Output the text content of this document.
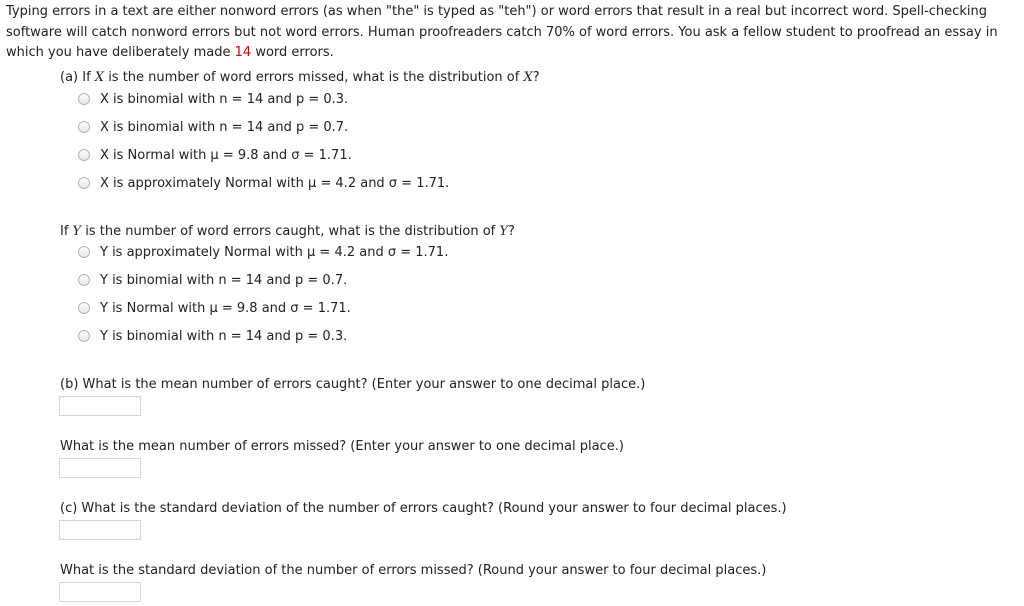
Typing errors in a text are either nonword errors (as when "the" is typed as "teh") or word errors that result in a real but incorrect word. Spell-checking software will catch nonword errors but not word errors. Human proofreaders catch 70% of word errors. You ask a fellow student to proofread an essay in which you have deliberately made 14 word errors.

(a) If X is the number of word errors missed, what is the distribution of X?

X is binomial with n = 14 and p = 0.3.
X is binomial with n = 14 and p = 0.7.
X is Normal with μ = 9.8 and σ = 1.71.
X is approximately Normal with μ = 4.2 and σ = 1.71.

If Y is the number of word errors caught, what is the distribution of Y?

Y is approximately Normal with μ = 4.2 and σ = 1.71.
Y is binomial with n = 14 and p = 0.7.
Y is Normal with μ = 9.8 and σ = 1.71.
Y is binomial with n = 14 and p = 0.3.

(b) What is the mean number of errors caught? (Enter your answer to one decimal place.)

What is the mean number of errors missed? (Enter your answer to one decimal place.)

(c) What is the standard deviation of the number of errors caught? (Round your answer to four decimal places.)

What is the standard deviation of the number of errors missed? (Round your answer to four decimal places.)
